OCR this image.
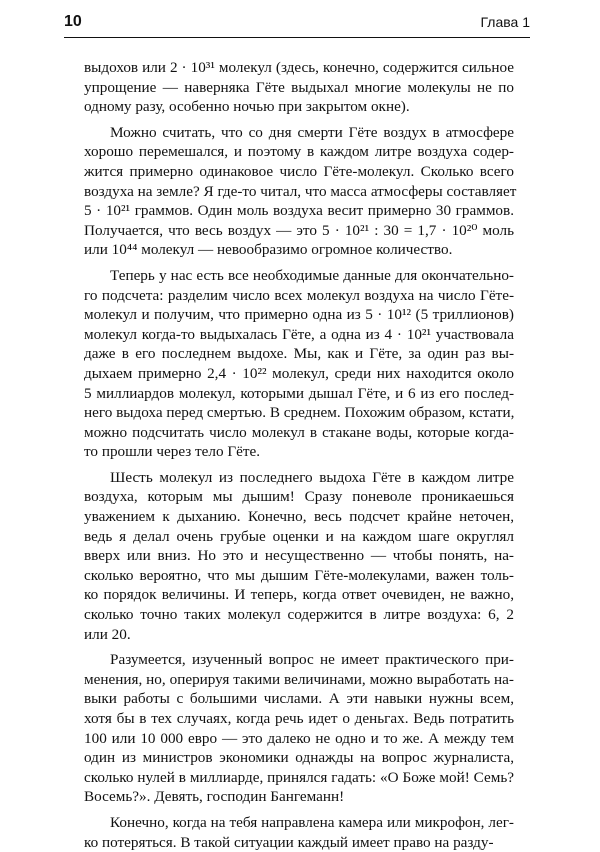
10	Глава 1
выдохов или 2 · 10³¹ молекул (здесь, конечно, содержится сильное
упрощение — наверняка Гёте выдыхал многие молекулы не по
одному разу, особенно ночью при закрытом окне).
Можно считать, что со дня смерти Гёте воздух в атмосфере
хорошо перемешался, и поэтому в каждом литре воздуха содер-
жится примерно одинаковое число Гёте-молекул. Сколько всего
воздуха на земле? Я где-то читал, что масса атмосферы составляет
5 · 10²¹ граммов. Один моль воздуха весит примерно 30 граммов.
Получается, что весь воздух — это 5 · 10²¹ : 30 = 1,7 · 10²⁰ моль
или 10⁴⁴ молекул — невообразимо огромное количество.
Теперь у нас есть все необходимые данные для окончательно-
го подсчета: разделим число всех молекул воздуха на число Гёте-
молекул и получим, что примерно одна из 5 · 10¹² (5 триллионов)
молекул когда-то выдыхалась Гёте, а одна из 4 · 10²¹ участвовала
даже в его последнем выдохе. Мы, как и Гёте, за один раз вы-
дыхаем примерно 2,4 · 10²² молекул, среди них находится около
5 миллиардов молекул, которыми дышал Гёте, и 6 из его послед-
него выдоха перед смертью. В среднем. Похожим образом, кстати,
можно подсчитать число молекул в стакане воды, которые когда-
то прошли через тело Гёте.
Шесть молекул из последнего выдоха Гёте в каждом литре
воздуха, которым мы дышим! Сразу поневоле проникаешься
уважением к дыханию. Конечно, весь подсчет крайне неточен,
ведь я делал очень грубые оценки и на каждом шаге округлял
вверх или вниз. Но это и несущественно — чтобы понять, на-
сколько вероятно, что мы дышим Гёте-молекулами, важен толь-
ко порядок величины. И теперь, когда ответ очевиден, не важно,
сколько точно таких молекул содержится в литре воздуха: 6, 2
или 20.
Разумеется, изученный вопрос не имеет практического при-
менения, но, оперируя такими величинами, можно выработать на-
выки работы с большими числами. А эти навыки нужны всем,
хотя бы в тех случаях, когда речь идет о деньгах. Ведь потратить
100 или 10 000 евро — это далеко не одно и то же. А между тем
один из министров экономики однажды на вопрос журналиста,
сколько нулей в миллиарде, принялся гадать: «О Боже мой! Семь?
Восемь?». Девять, господин Бангеманн!
Конечно, когда на тебя направлена камера или микрофон, лег-
ко потеряться. В такой ситуации каждый имеет право на разду-
